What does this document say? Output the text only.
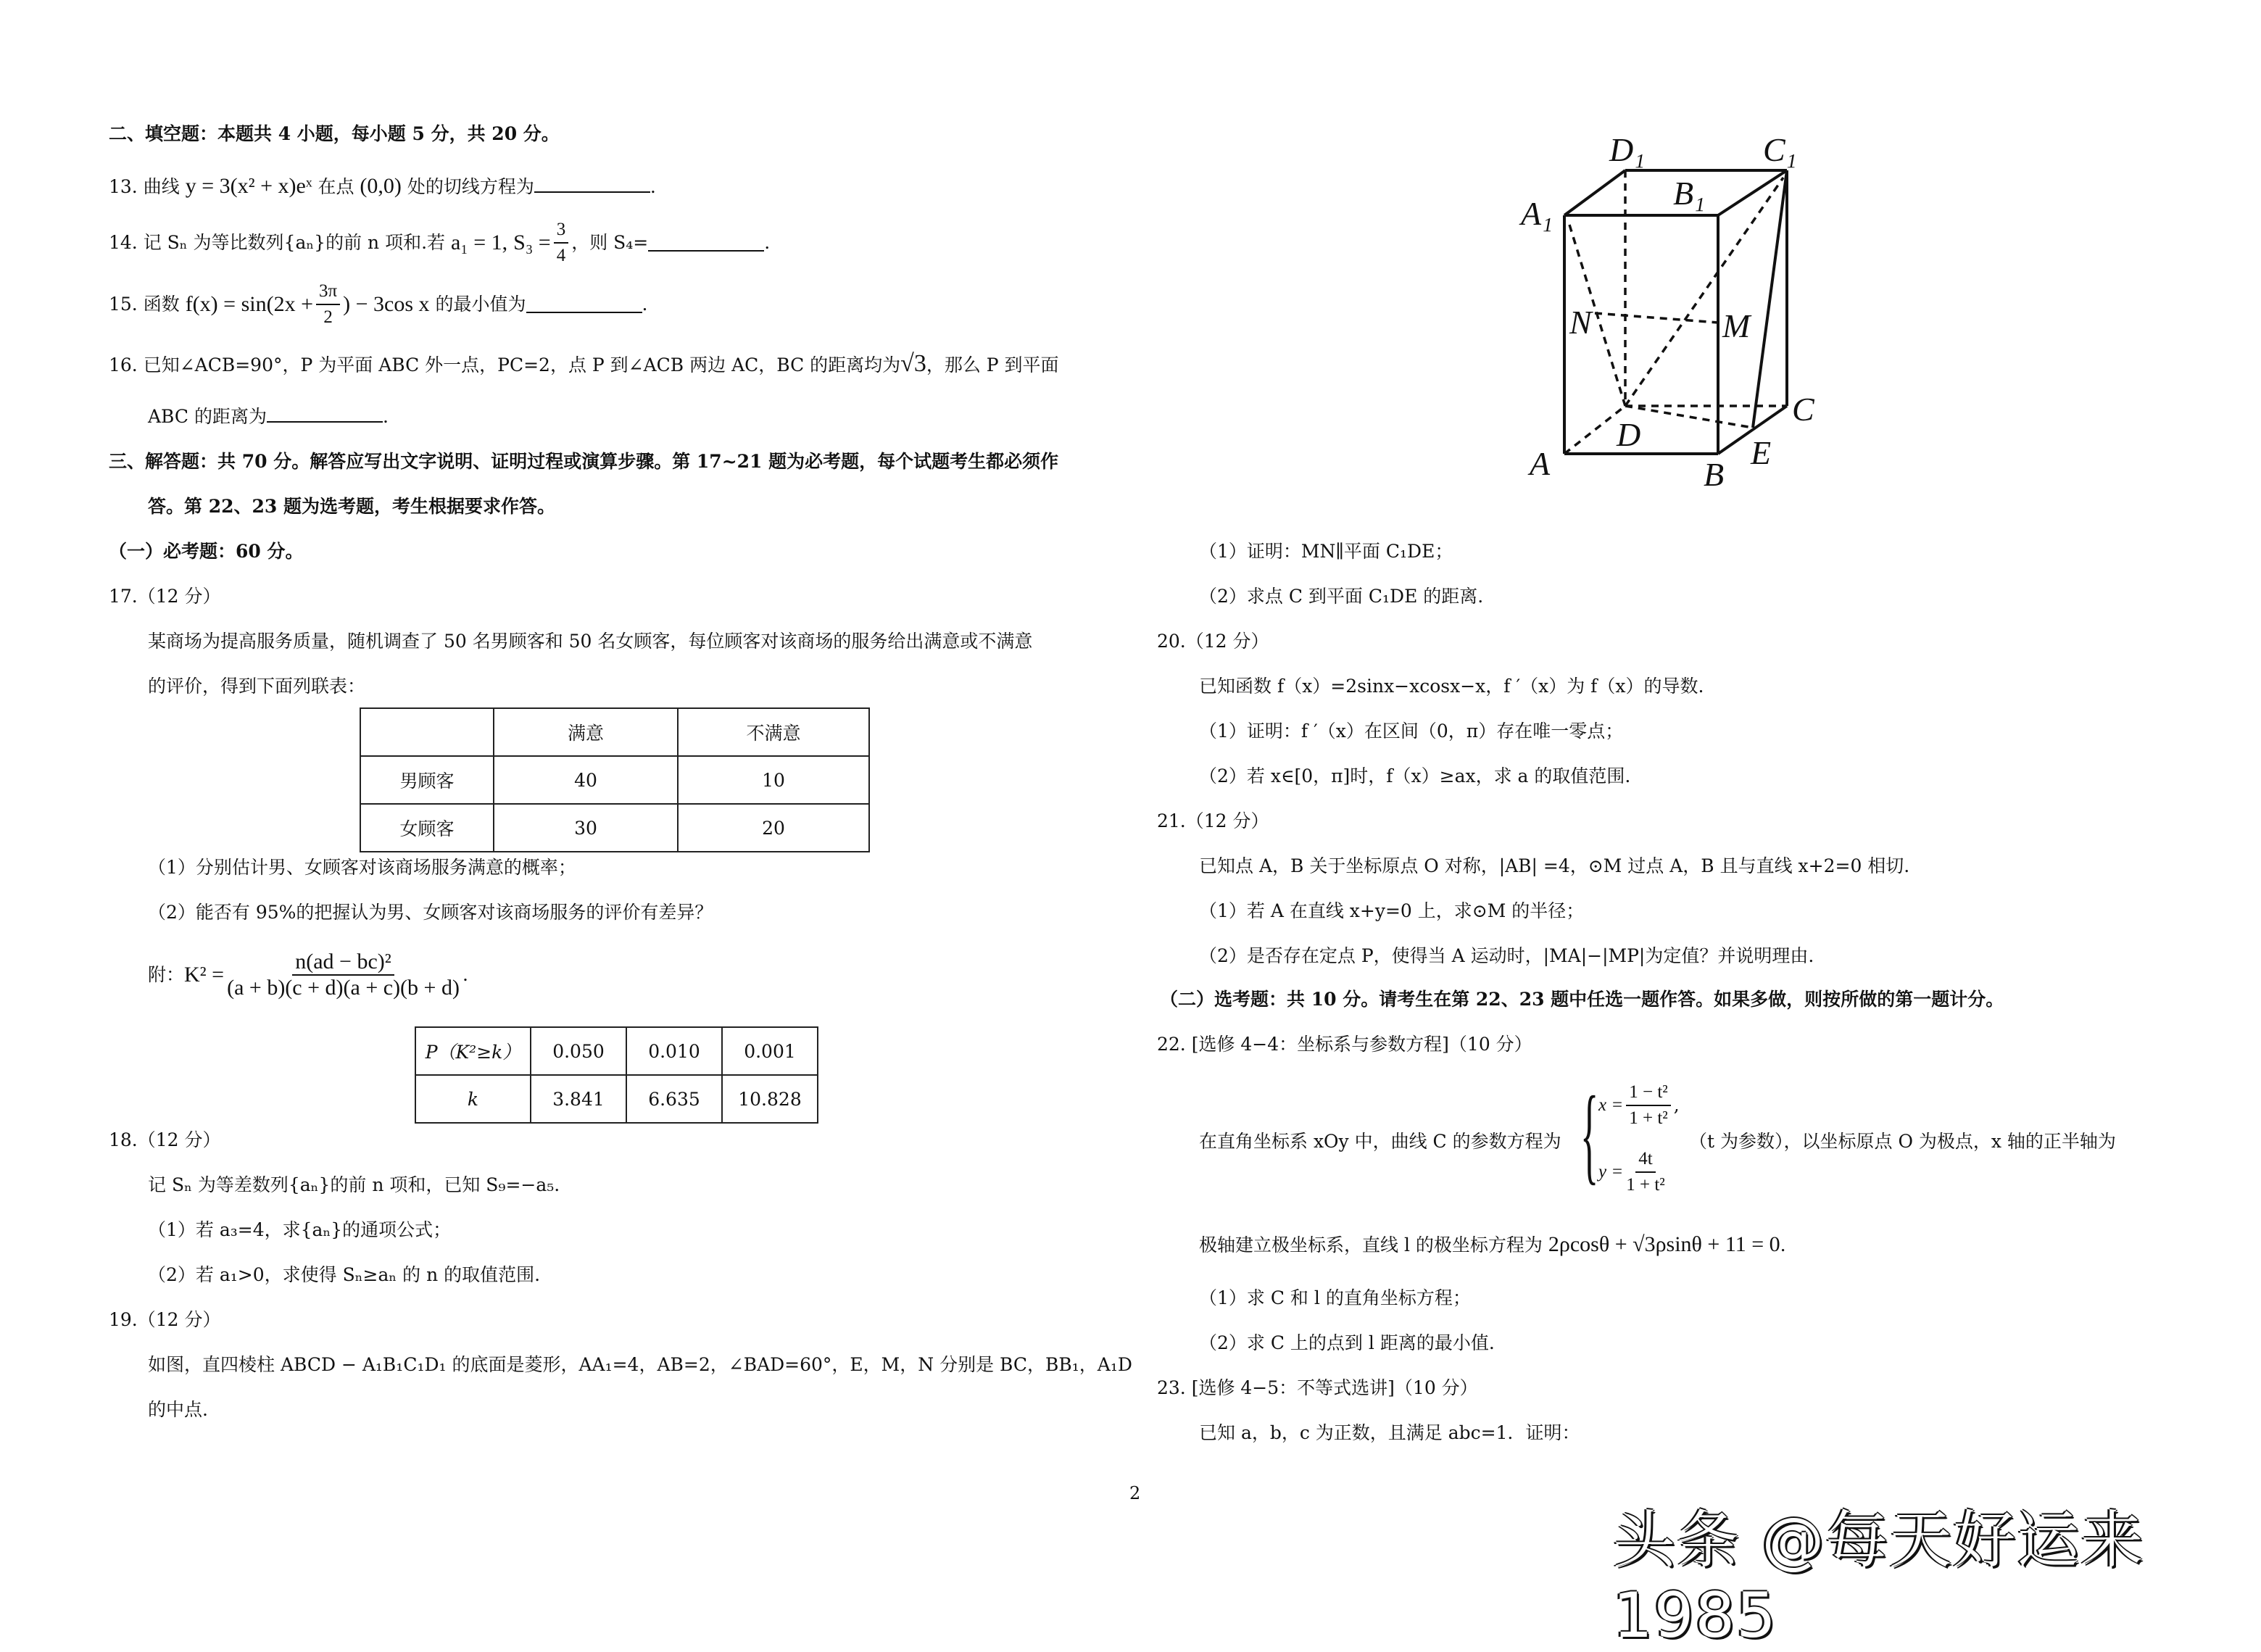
二、填空题：本题共 4 小题，每小题 5 分，共 20 分。
13. 曲线 y = 3(x² + x)eˣ 在点 (0,0) 处的切线方程为	.
14.
记 Sₙ 为等比数列{aₙ}的前 n 项和.若
a₁ = 1,
$S_3 = \frac{3}{4}$ ，则 S₄=	.
15.
函数
$f(x) = \sin(2x + \frac{3\pi}{2}$ ) − 3cos x
的最小值为	.
16. 已知∠ACB=90°，P 为平面 ABC 外一点，PC=2，点 P 到∠ACB 两边 AC，BC 的距离均为√3，那么 P 到平面
ABC 的距离为	.
三、解答题：共 70 分。解答应写出文字说明、证明过程或演算步骤。第 17~21 题为必考题，每个试题考生都必须作
答。第 22、23 题为选考题，考生根据要求作答。
（一）必考题：60 分。
17.（12 分）
某商场为提高服务质量，随机调查了 50 名男顾客和 50 名女顾客，每位顾客对该商场的服务给出满意或不满意
的评价，得到下面列联表：
	满意	不满意
男顾客	40	10
女顾客	30	20
（1）分别估计男、女顾客对该商场服务满意的概率；
（2）能否有 95%的把握认为男、女顾客对该商场服务的评价有差异？
附： $K^2 = \frac{\text{n(ad − bc)²}}{(a + b)(c + d)(a + c)(b + d)}$ .
P（K²≥k）	0.050	0.010	0.001
k	3.841	6.635	10.828
18.（12 分）
记 Sₙ 为等差数列{aₙ}的前 n 项和，已知 S₉=−a₅.
（1）若 a₃=4，求{aₙ}的通项公式；
（2）若 a₁>0，求使得 Sₙ≥aₙ 的 n 的取值范围.
19.（12 分）
如图，直四棱柱 ABCD − A₁B₁C₁D₁ 的底面是菱形，AA₁=4，AB=2，∠BAD=60°，E，M，N 分别是 BC，BB₁，A₁D
的中点.
D₁	C₁
A₁
B₁
N	M
C
D
A	B
E
（1）证明：MN∥平面 C₁DE；
（2）求点 C 到平面 C₁DE 的距离.
20.（12 分）
已知函数 f（x）=2sinx−xcosx−x，f ′（x）为 f（x）的导数.
（1）证明：f ′（x）在区间（0，π）存在唯一零点；
（2）若 x∈[0，π]时，f（x）≥ax，求 a 的取值范围.
21.（12 分）
已知点 A，B 关于坐标原点 O 对称，|AB| =4，⊙M 过点 A，B 且与直线 x+2=0 相切.
（1）若 A 在直线 x+y=0 上，求⊙M 的半径；
（2）是否存在定点 P，使得当 A 运动时，|MA|−|MP|为定值？并说明理由.
（二）选考题：共 10 分。请考生在第 22、23 题中任选一题作答。如果多做，则按所做的第一题计分。
22. [选修 4−4：坐标系与参数方程]（10 分）
在直角坐标系 xOy 中，曲线 C 的参数方程为 { $x = \frac{\text{1 − t²}}{\text{1 + t²}}$ ,
$y = \frac{4t}{\text{1 + t²}}$
（t 为参数），以坐标原点 O 为极点，x 轴的正半轴为
极轴建立极坐标系，直线 l 的极坐标方程为 2ρcosθ + √3ρsinθ + 11 = 0.
（1）求 C 和 l 的直角坐标方程；
（2）求 C 上的点到 l 距离的最小值.
23. [选修 4−5：不等式选讲]（10 分）
已知 a，b，c 为正数，且满足 abc=1．证明：
2
头条 @每天好运来1985
